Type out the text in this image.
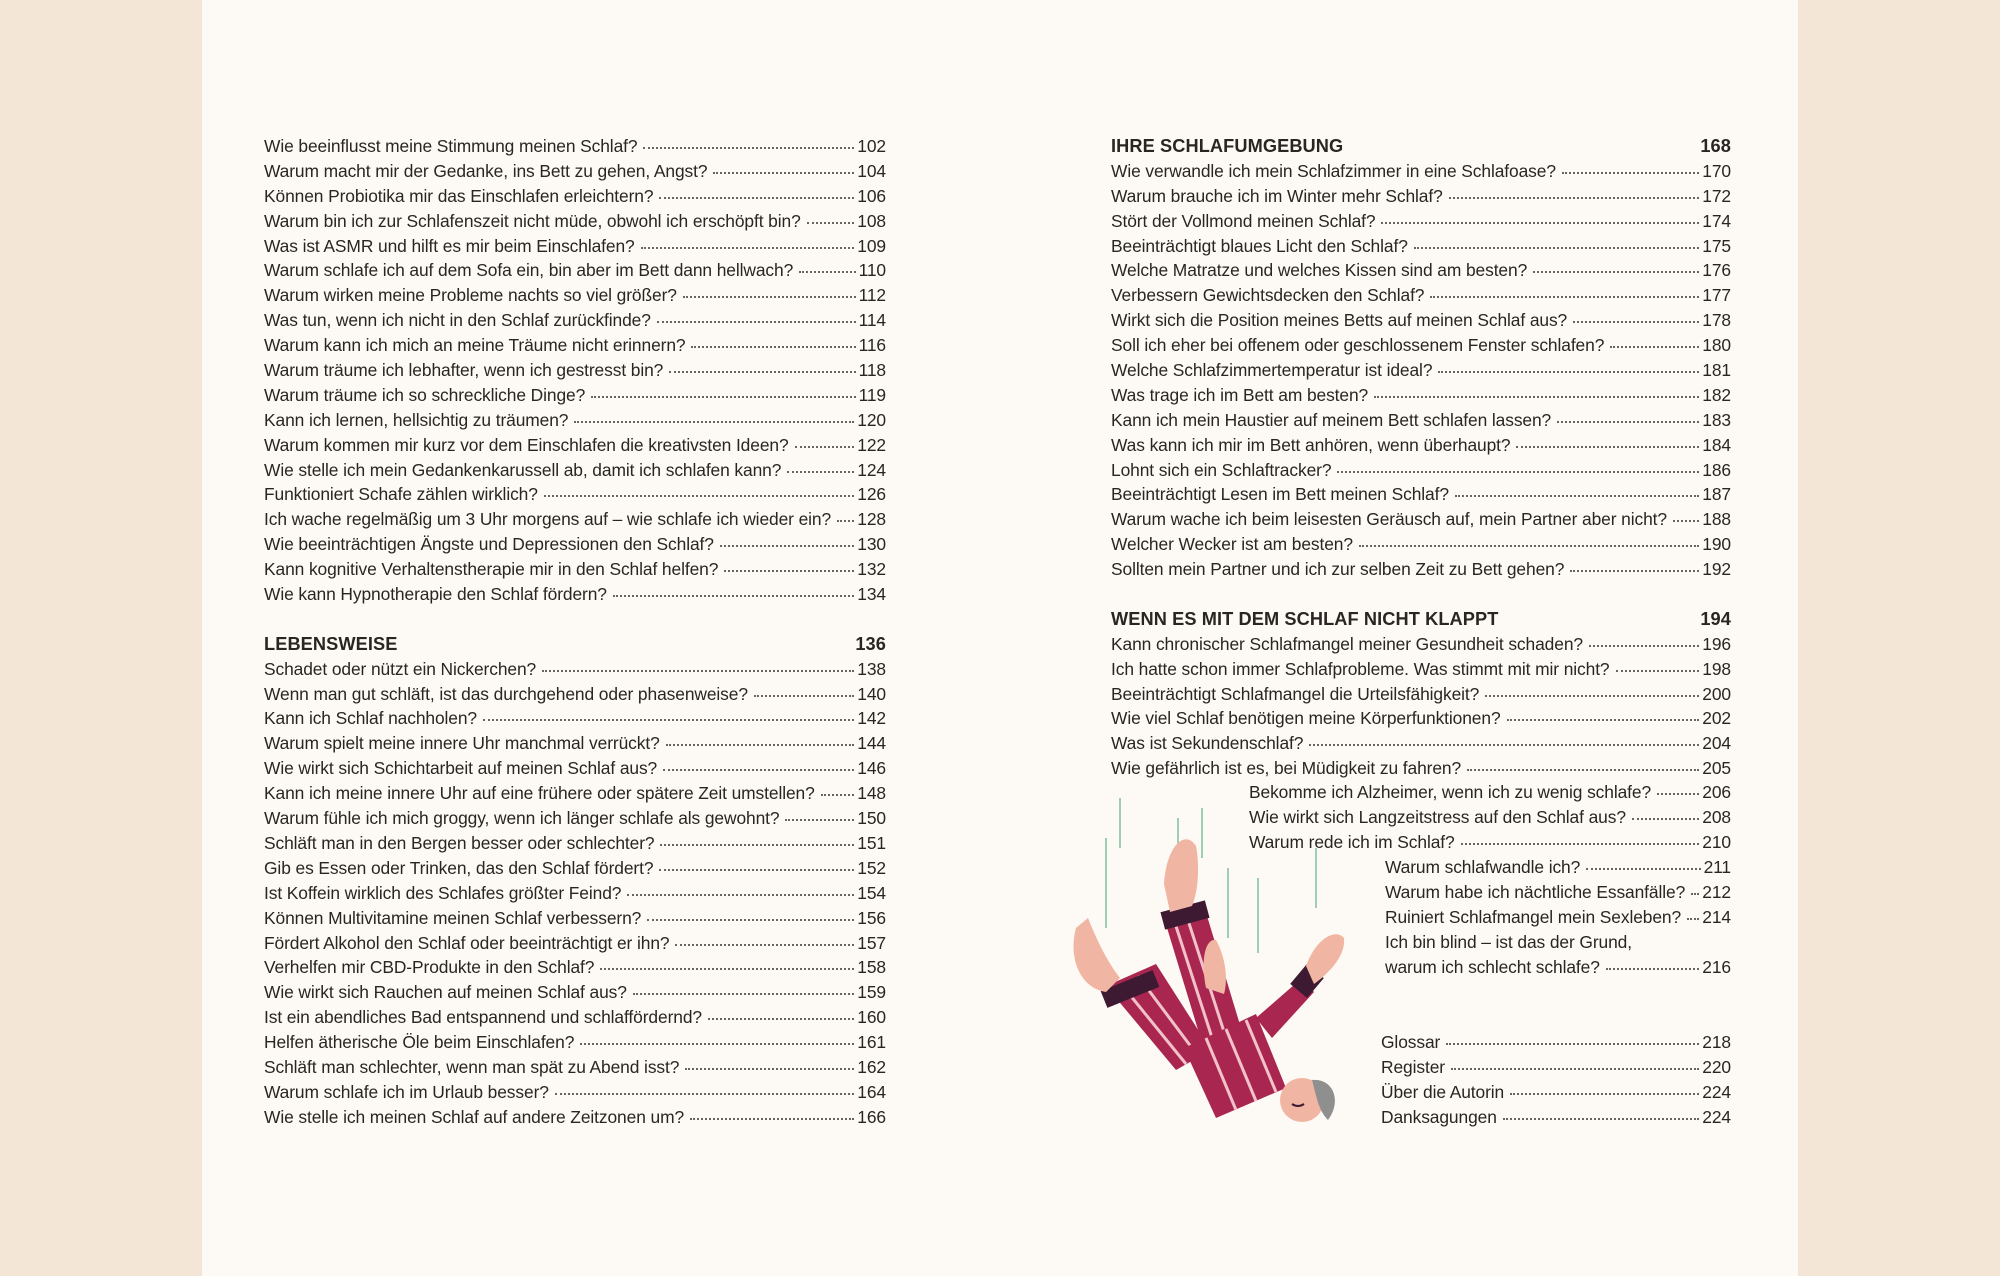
Wie beeinflusst meine Stimmung meinen Schlaf?	102
Warum macht mir der Gedanke, ins Bett zu gehen, Angst?	104
Können Probiotika mir das Einschlafen erleichtern?	106
Warum bin ich zur Schlafenszeit nicht müde, obwohl ich erschöpft bin?	108
Was ist ASMR und hilft es mir beim Einschlafen?	109
Warum schlafe ich auf dem Sofa ein, bin aber im Bett dann hellwach?	110
Warum wirken meine Probleme nachts so viel größer?	112
Was tun, wenn ich nicht in den Schlaf zurückfinde?	114
Warum kann ich mich an meine Träume nicht erinnern?	116
Warum träume ich lebhafter, wenn ich gestresst bin?	118
Warum träume ich so schreckliche Dinge?	119
Kann ich lernen, hellsichtig zu träumen?	120
Warum kommen mir kurz vor dem Einschlafen die kreativsten Ideen?	122
Wie stelle ich mein Gedankenkarussell ab, damit ich schlafen kann?	124
Funktioniert Schafe zählen wirklich?	126
Ich wache regelmäßig um 3 Uhr morgens auf – wie schlafe ich wieder ein? 128
Wie beeinträchtigen Ängste und Depressionen den Schlaf?	130
Kann kognitive Verhaltenstherapie mir in den Schlaf helfen?	132
Wie kann Hypnotherapie den Schlaf fördern?	134
LEBENSWEISE	136
Schadet oder nützt ein Nickerchen?	138
Wenn man gut schläft, ist das durchgehend oder phasenweise?	140
Kann ich Schlaf nachholen?	142
Warum spielt meine innere Uhr manchmal verrückt?	144
Wie wirkt sich Schichtarbeit auf meinen Schlaf aus?	146
Kann ich meine innere Uhr auf eine frühere oder spätere Zeit umstellen? 148
Warum fühle ich mich groggy, wenn ich länger schlafe als gewohnt?	150
Schläft man in den Bergen besser oder schlechter?	151
Gib es Essen oder Trinken, das den Schlaf fördert?	152
Ist Koffein wirklich des Schlafes größter Feind?	154
Können Multivitamine meinen Schlaf verbessern?	156
Fördert Alkohol den Schlaf oder beeinträchtigt er ihn?	157
Verhelfen mir CBD-Produkte in den Schlaf?	158
Wie wirkt sich Rauchen auf meinen Schlaf aus?	159
Ist ein abendliches Bad entspannend und schlaffördernd?	160
Helfen ätherische Öle beim Einschlafen?	161
Schläft man schlechter, wenn man spät zu Abend isst?	162
Warum schlafe ich im Urlaub besser?	164
Wie stelle ich meinen Schlaf auf andere Zeitzonen um?	166
IHRE SCHLAFUMGEBUNG	168
Wie verwandle ich mein Schlafzimmer in eine Schlafoase?	170
Warum brauche ich im Winter mehr Schlaf?	172
Stört der Vollmond meinen Schlaf?	174
Beeinträchtigt blaues Licht den Schlaf?	175
Welche Matratze und welches Kissen sind am besten?	176
Verbessern Gewichtsdecken den Schlaf?	177
Wirkt sich die Position meines Betts auf meinen Schlaf aus?	178
Soll ich eher bei offenem oder geschlossenem Fenster schlafen?	180
Welche Schlafzimmertemperatur ist ideal?	181
Was trage ich im Bett am besten?	182
Kann ich mein Haustier auf meinem Bett schlafen lassen?	183
Was kann ich mir im Bett anhören, wenn überhaupt?	184
Lohnt sich ein Schlaftracker?	186
Beeinträchtigt Lesen im Bett meinen Schlaf?	187
Warum wache ich beim leisesten Geräusch auf, mein Partner aber nicht? 188
Welcher Wecker ist am besten?	190
Sollten mein Partner und ich zur selben Zeit zu Bett gehen?	192
WENN ES MIT DEM SCHLAF NICHT KLAPPT	194
Kann chronischer Schlafmangel meiner Gesundheit schaden?	196
Ich hatte schon immer Schlafprobleme. Was stimmt mit mir nicht?	198
Beeinträchtigt Schlafmangel die Urteilsfähigkeit?	200
Wie viel Schlaf benötigen meine Körperfunktionen?	202
Was ist Sekundenschlaf?	204
Wie gefährlich ist es, bei Müdigkeit zu fahren?	205
Bekomme ich Alzheimer, wenn ich zu wenig schlafe?	206
Wie wirkt sich Langzeitstress auf den Schlaf aus?	208
Warum rede ich im Schlaf?	210
Warum schlafwandle ich?	211
Warum habe ich nächtliche Essanfälle? 212
Ruiniert Schlafmangel mein Sexleben? 214
Ich bin blind – ist das der Grund,
warum ich schlecht schlafe?	216
Glossar	218
Register	220
Über die Autorin	224
Danksagungen	224
